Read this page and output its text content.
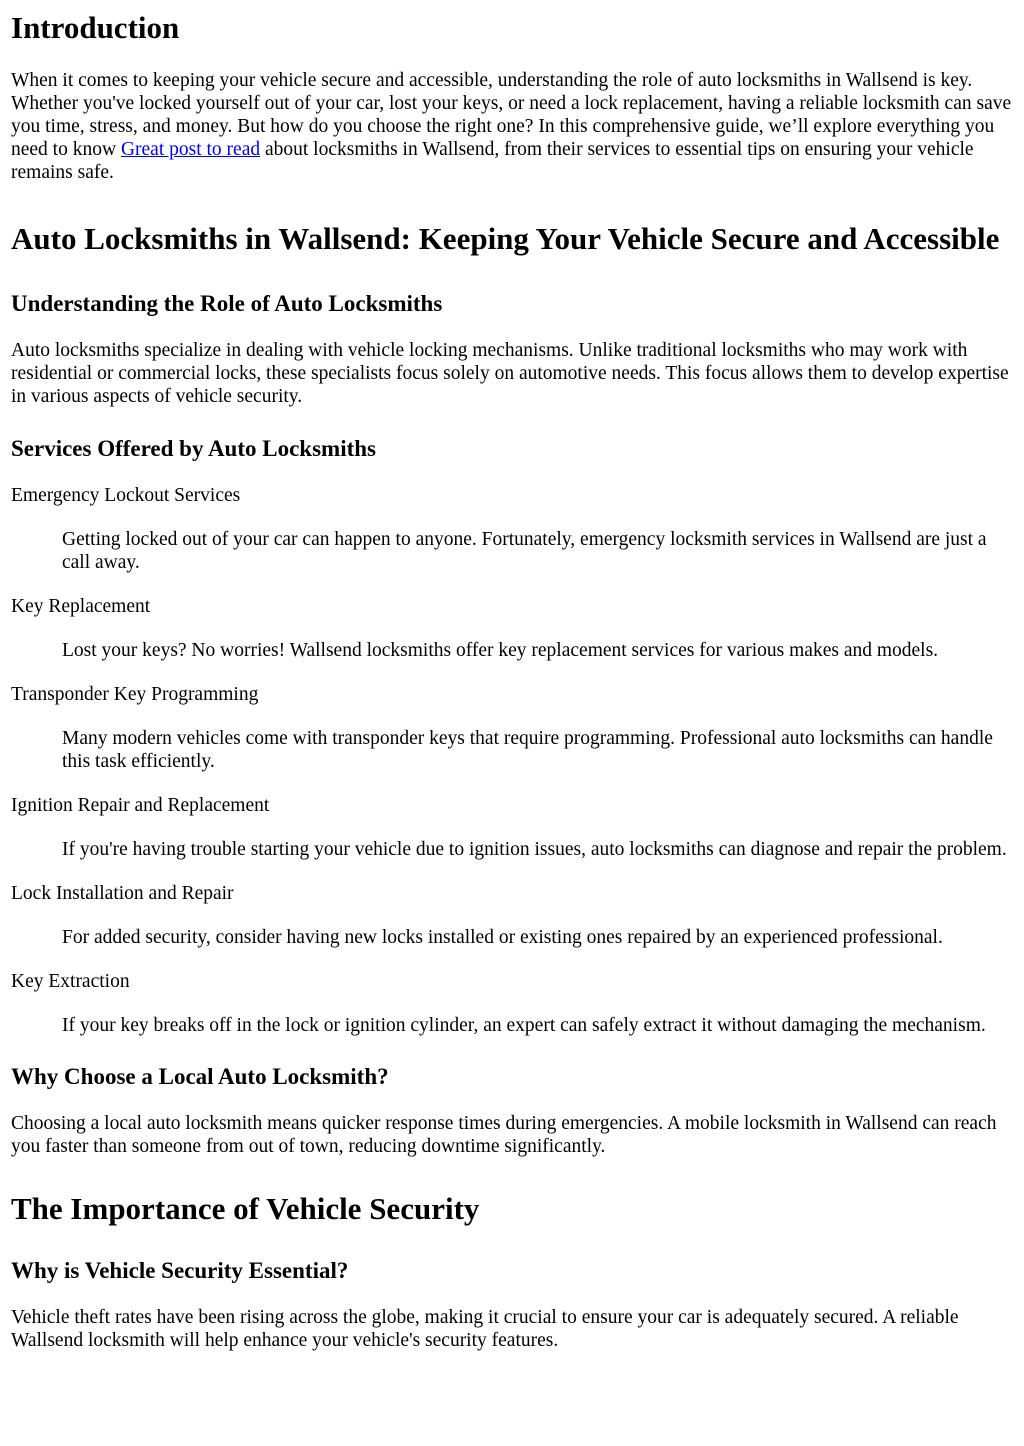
Introduction

When it comes to keeping your vehicle secure and accessible, understanding the role of auto locksmiths in Wallsend is key. Whether you've locked yourself out of your car, lost your keys, or need a lock replacement, having a reliable locksmith can save you time, stress, and money. But how do you choose the right one? In this comprehensive guide, we’ll explore everything you need to know Great post to read about locksmiths in Wallsend, from their services to essential tips on ensuring your vehicle remains safe.

Auto Locksmiths in Wallsend: Keeping Your Vehicle Secure and Accessible
Understanding the Role of Auto Locksmiths

Auto locksmiths specialize in dealing with vehicle locking mechanisms. Unlike traditional locksmiths who may work with residential or commercial locks, these specialists focus solely on automotive needs. This focus allows them to develop expertise in various aspects of vehicle security.

Services Offered by Auto Locksmiths
Emergency Lockout Services
Getting locked out of your car can happen to anyone. Fortunately, emergency locksmith services in Wallsend are just a call away.
Key Replacement
Lost your keys? No worries! Wallsend locksmiths offer key replacement services for various makes and models.
Transponder Key Programming
Many modern vehicles come with transponder keys that require programming. Professional auto locksmiths can handle this task efficiently.
Ignition Repair and Replacement
If you're having trouble starting your vehicle due to ignition issues, auto locksmiths can diagnose and repair the problem.
Lock Installation and Repair
For added security, consider having new locks installed or existing ones repaired by an experienced professional.
Key Extraction
If your key breaks off in the lock or ignition cylinder, an expert can safely extract it without damaging the mechanism.
Why Choose a Local Auto Locksmith?

Choosing a local auto locksmith means quicker response times during emergencies. A mobile locksmith in Wallsend can reach you faster than someone from out of town, reducing downtime significantly.

The Importance of Vehicle Security
Why is Vehicle Security Essential?

Vehicle theft rates have been rising across the globe, making it crucial to ensure your car is adequately secured. A reliable Wallsend locksmith will help enhance your vehicle's security features.
